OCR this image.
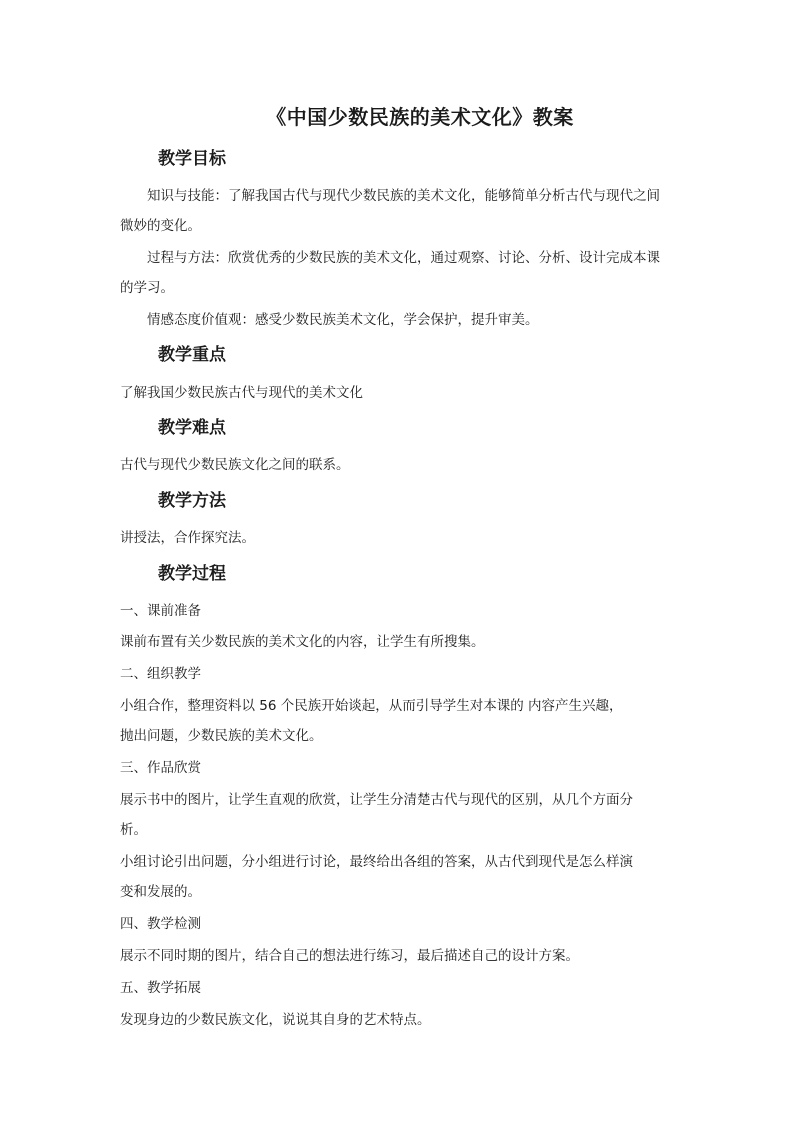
《中国少数民族的美术文化》教案
教学目标
知识与技能：了解我国古代与现代少数民族的美术文化，能够简单分析古代与现代之间
微妙的变化。
过程与方法：欣赏优秀的少数民族的美术文化，通过观察、讨论、分析、设计完成本课
的学习。
情感态度价值观：感受少数民族美术文化，学会保护，提升审美。
教学重点
了解我国少数民族古代与现代的美术文化
教学难点
古代与现代少数民族文化之间的联系。
教学方法
讲授法，合作探究法。
教学过程
一、课前准备
课前布置有关少数民族的美术文化的内容，让学生有所搜集。
二、组织教学
小组合作，整理资料以 56 个民族开始谈起，从而引导学生对本课的 内容产生兴趣，
抛出问题，少数民族的美术文化。
三、作品欣赏
展示书中的图片，让学生直观的欣赏，让学生分清楚古代与现代的区别，从几个方面分
析。
小组讨论引出问题，分小组进行讨论，最终给出各组的答案，从古代到现代是怎么样演
变和发展的。
四、教学检测
展示不同时期的图片，结合自己的想法进行练习，最后描述自己的设计方案。
五、教学拓展
发现身边的少数民族文化，说说其自身的艺术特点。
